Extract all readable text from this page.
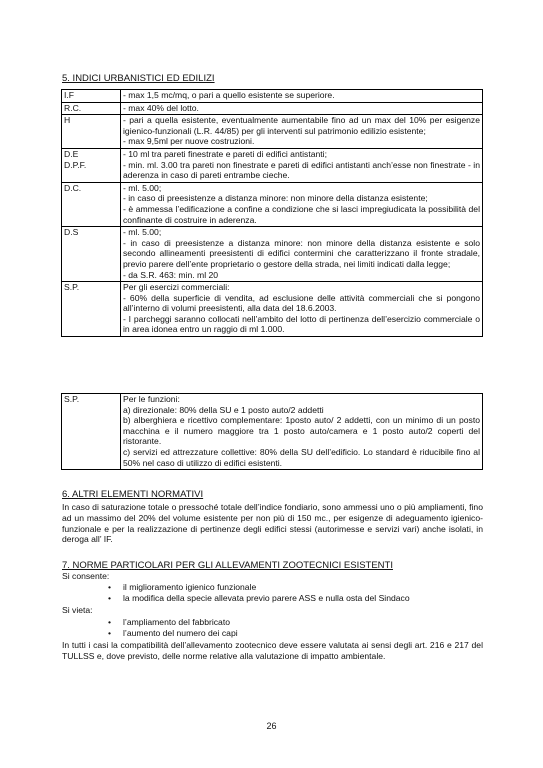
5. INDICI URBANISTICI ED EDILIZI
I.F	- max 1,5 mc/mq, o pari a quello esistente se superiore.

R.C.	- max 40% del lotto.

H	- pari a quella esistente, eventualmente aumentabile fino ad un max del 10% per esigenze igienico-funzionali (L.R. 44/85) per gli interventi sul patrimonio edilizio esistente;
- max 9,5ml per nuove costruzioni.

D.E
D.P.F.	- 10 ml tra pareti finestrate e pareti di edifici antistanti;
- min. ml. 3.00 tra pareti non finestrate e pareti di edifici antistanti anch’esse non finestrate - in aderenza in caso di pareti entrambe cieche.

D.C.	- ml. 5.00;
- in caso di preesistenze a distanza minore: non minore della distanza esistente;
- è ammessa l’edificazione a confine a condizione che si lasci impregiudicata la possibilità del confinante di costruire in aderenza.

D.S	- ml. 5.00;
- in caso di preesistenze a distanza minore: non minore della distanza esistente e solo secondo allineamenti preesistenti di edifici contermini che caratterizzano il fronte stradale, previo parere dell’ente proprietario o gestore della strada, nei limiti indicati dalla legge;
- da S.R. 463: min. ml 20

S.P.	Per gli esercizi commerciali:
- 60% della superficie di vendita, ad esclusione delle attività commerciali che si pongono all’interno di volumi preesistenti, alla data del 18.6.2003.
- I parcheggi saranno collocati nell’ambito del lotto di pertinenza dell’esercizio commerciale o in area idonea entro un raggio di ml 1.000.
S.P.	Per le funzioni:
a) direzionale: 80% della SU e 1 posto auto/2 addetti
b) alberghiera e ricettivo complementare: 1posto auto/ 2 addetti, con un minimo di un posto macchina e il numero maggiore tra 1 posto auto/camera e 1 posto auto/2 coperti del ristorante.
c) servizi ed attrezzature collettive: 80% della SU dell’edificio. Lo standard è riducibile fino al 50% nel caso di utilizzo di edifici esistenti.
6. ALTRI ELEMENTI NORMATIVI
In caso di saturazione totale o pressoché totale dell’indice fondiario, sono ammessi uno o più ampliamenti, fino ad un massimo del 20% del volume esistente per non più di 150 mc., per esigenze di adeguamento igienico-funzionale e per la realizzazione di pertinenze degli edifici stessi (autorimesse e servizi vari) anche isolati, in deroga all’ IF.
7. NORME PARTICOLARI PER GLI ALLEVAMENTI ZOOTECNICI ESISTENTI
Si consente:
• il miglioramento igienico funzionale
• la modifica della specie allevata previo parere ASS e nulla osta del Sindaco
Si vieta:
• l’ampliamento del fabbricato
• l’aumento del numero dei capi
In tutti i casi la compatibilità dell’allevamento zootecnico deve essere valutata ai sensi degli art. 216 e 217 del TULLSS e, dove previsto, delle norme relative alla valutazione di impatto ambientale.
26
